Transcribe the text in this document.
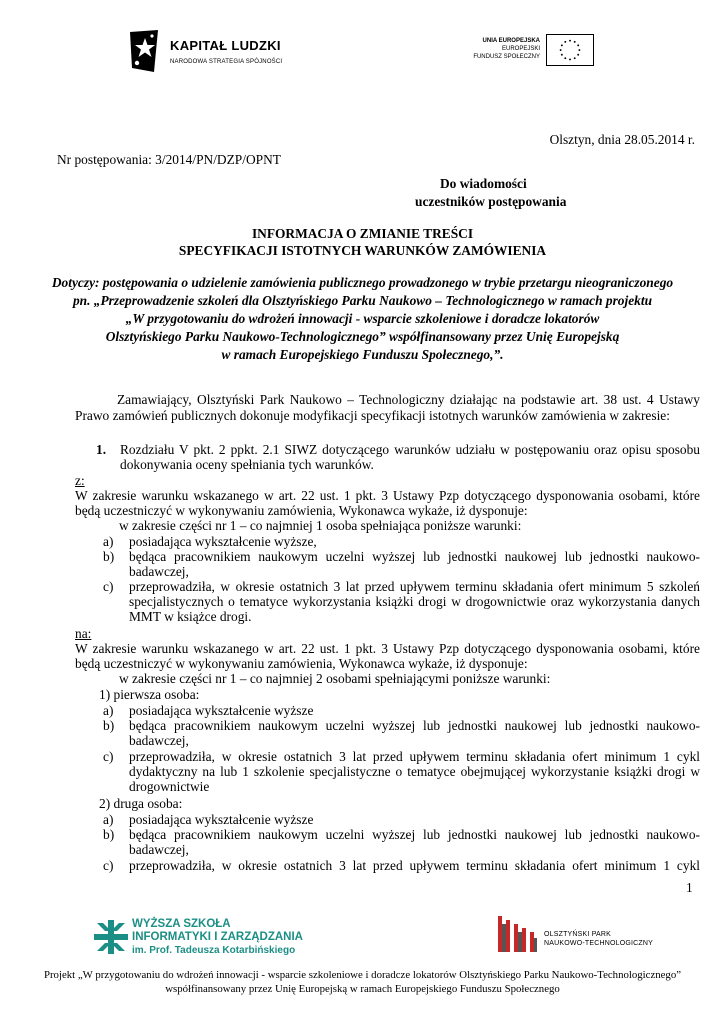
KAPITAŁ LUDZKI
NARODOWA STRATEGIA SPÓJNOŚCI
UNIA EUROPEJSKA
EUROPEJSKI
FUNDUSZ SPOŁECZNY
Olsztyn, dnia 28.05.2014 r.
Nr postępowania: 3/2014/PN/DZP/OPNT
Do wiadomości
uczestników postępowania
INFORMACJA O ZMIANIE TREŚCI
SPECYFIKACJI ISTOTNYCH WARUNKÓW ZAMÓWIENIA
Dotyczy: postępowania o udzielenie zamówienia publicznego prowadzonego w trybie przetargu nieograniczonego
pn. „Przeprowadzenie szkoleń dla Olsztyńskiego Parku Naukowo – Technologicznego w ramach projektu
„W przygotowaniu do wdrożeń innowacji - wsparcie szkoleniowe i doradcze lokatorów
Olsztyńskiego Parku Naukowo-Technologicznego” współfinansowany przez Unię Europejską
w ramach Europejskiego Funduszu Społecznego,”.
Zamawiający, Olsztyński Park Naukowo – Technologiczny działając na podstawie art. 38 ust. 4 Ustawy Prawo zamówień publicznych dokonuje modyfikacji specyfikacji istotnych warunków zamówienia w zakresie:
1. Rozdziału V pkt. 2 ppkt. 2.1 SIWZ dotyczącego warunków udziału w postępowaniu oraz opisu sposobu dokonywania oceny spełniania tych warunków.
z:
W zakresie warunku wskazanego w art. 22 ust. 1 pkt. 3 Ustawy Pzp dotyczącego dysponowania osobami, które będą uczestniczyć w wykonywaniu zamówienia, Wykonawca wykaże, iż dysponuje:
w zakresie części nr 1 – co najmniej 1 osoba spełniająca poniższe warunki:
a) posiadająca wykształcenie wyższe,
b) będąca pracownikiem naukowym uczelni wyższej lub jednostki naukowej lub jednostki naukowo-badawczej,
c) przeprowadziła, w okresie ostatnich 3 lat przed upływem terminu składania ofert minimum 5 szkoleń specjalistycznych o tematyce wykorzystania książki drogi w drogownictwie oraz wykorzystania danych MMT w książce drogi.
na:
W zakresie warunku wskazanego w art. 22 ust. 1 pkt. 3 Ustawy Pzp dotyczącego dysponowania osobami, które będą uczestniczyć w wykonywaniu zamówienia, Wykonawca wykaże, iż dysponuje:
w zakresie części nr 1 – co najmniej 2 osobami spełniającymi poniższe warunki:
1) pierwsza osoba:
a) posiadająca wykształcenie wyższe
b) będąca pracownikiem naukowym uczelni wyższej lub jednostki naukowej lub jednostki naukowo-badawczej,
c) przeprowadziła, w okresie ostatnich 3 lat przed upływem terminu składania ofert minimum 1 cykl dydaktyczny na lub 1 szkolenie specjalistyczne o tematyce obejmującej wykorzystanie książki drogi w drogownictwie
2) druga osoba:
a) posiadająca wykształcenie wyższe
b) będąca pracownikiem naukowym uczelni wyższej lub jednostki naukowej lub jednostki naukowo-badawczej,
c) przeprowadziła, w okresie ostatnich 3 lat przed upływem terminu składania ofert minimum 1 cykl
1
WYŻSZA SZKOŁA
INFORMATYKI I ZARZĄDZANIA
im. Prof. Tadeusza Kotarbińskiego
OLSZTYŃSKI PARK
NAUKOWO-TECHNOLOGICZNY
Projekt „W przygotowaniu do wdrożeń innowacji - wsparcie szkoleniowe i doradcze lokatorów Olsztyńskiego Parku Naukowo-Technologicznego”
współfinansowany przez Unię Europejską w ramach Europejskiego Funduszu Społecznego
